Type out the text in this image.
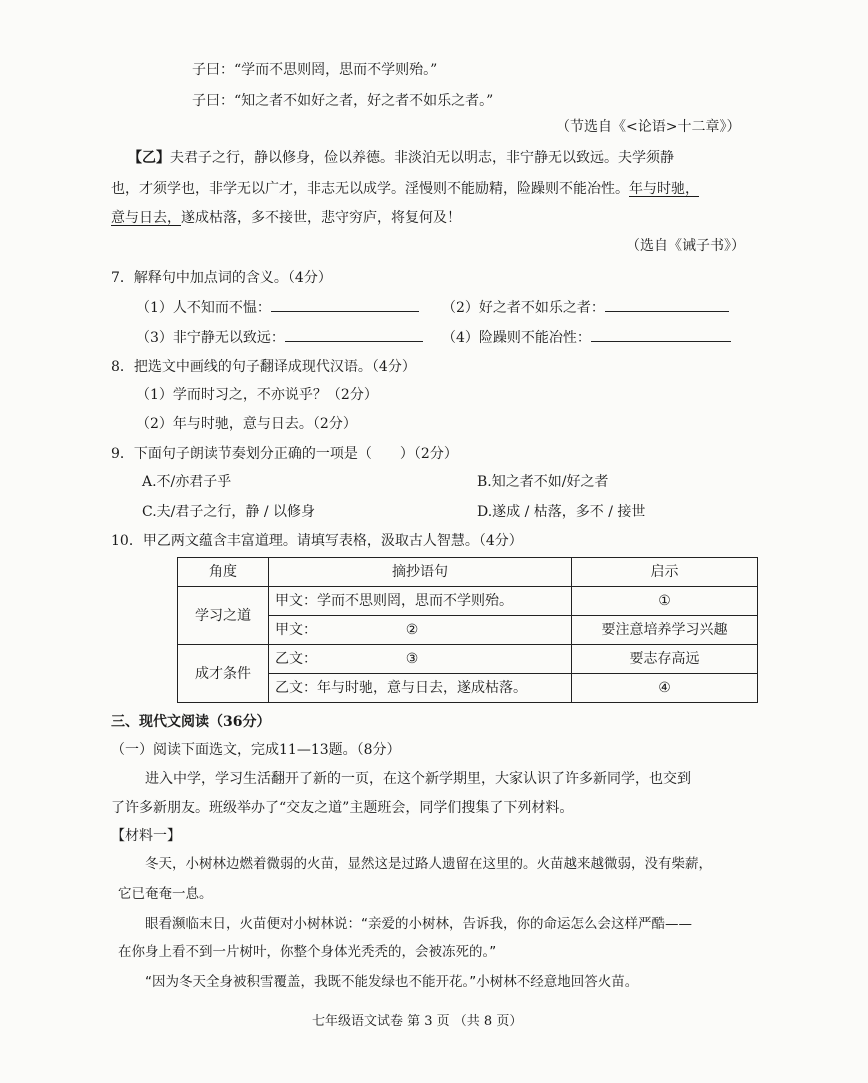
子曰：“学而不思则罔，思而不学则殆。”
子曰：“知之者不如好之者，好之者不如乐之者。”
（节选自《<论语>十二章》）
【乙】夫君子之行，静以修身，俭以养德。非淡泊无以明志，非宁静无以致远。夫学须静
也，才须学也，非学无以广才，非志无以成学。淫慢则不能励精，险躁则不能冶性。年与时驰，
意与日去，遂成枯落，多不接世，悲守穷庐，将复何及！
（选自《诫子书》）
7．解释句中加点词的含义。（4分）
（1）人不知而不愠：	（2）好之者不如乐之者：
（3）非宁静无以致远：	（4）险躁则不能冶性：
8．把选文中画线的句子翻译成现代汉语。（4分）
（1）学而时习之，不亦说乎？（2分）
（2）年与时驰，意与日去。（2分）
9．下面句子朗读节奏划分正确的一项是（　　）（2分）
A.不/亦君子乎	B.知之者不如/好之者
C.夫/君子之行，静 / 以修身	D.遂成 / 枯落，多不 / 接世
10．甲乙两文蕴含丰富道理。请填写表格，汲取古人智慧。（4分）
角度	摘抄语句	启示
学习之道	甲文：学而不思则罔，思而不学则殆。	①
	甲文： ②	要注意培养学习兴趣
成才条件	乙文： ③	要志存高远
	乙文：年与时驰，意与日去，遂成枯落。	④
三、现代文阅读（36分）
（一）阅读下面选文，完成11—13题。（8分）
进入中学，学习生活翻开了新的一页，在这个新学期里，大家认识了许多新同学，也交到
了许多新朋友。班级举办了“交友之道”主题班会，同学们搜集了下列材料。
【材料一】
冬天，小树林边燃着微弱的火苗，显然这是过路人遗留在这里的。火苗越来越微弱，没有柴薪，
它已奄奄一息。
眼看濒临末日，火苗便对小树林说：“亲爱的小树林，告诉我，你的命运怎么会这样严酷——
在你身上看不到一片树叶，你整个身体光秃秃的，会被冻死的。”
“因为冬天全身被积雪覆盖，我既不能发绿也不能开花。”小树林不经意地回答火苗。
七年级语文试卷 第 3 页 （共 8 页）
